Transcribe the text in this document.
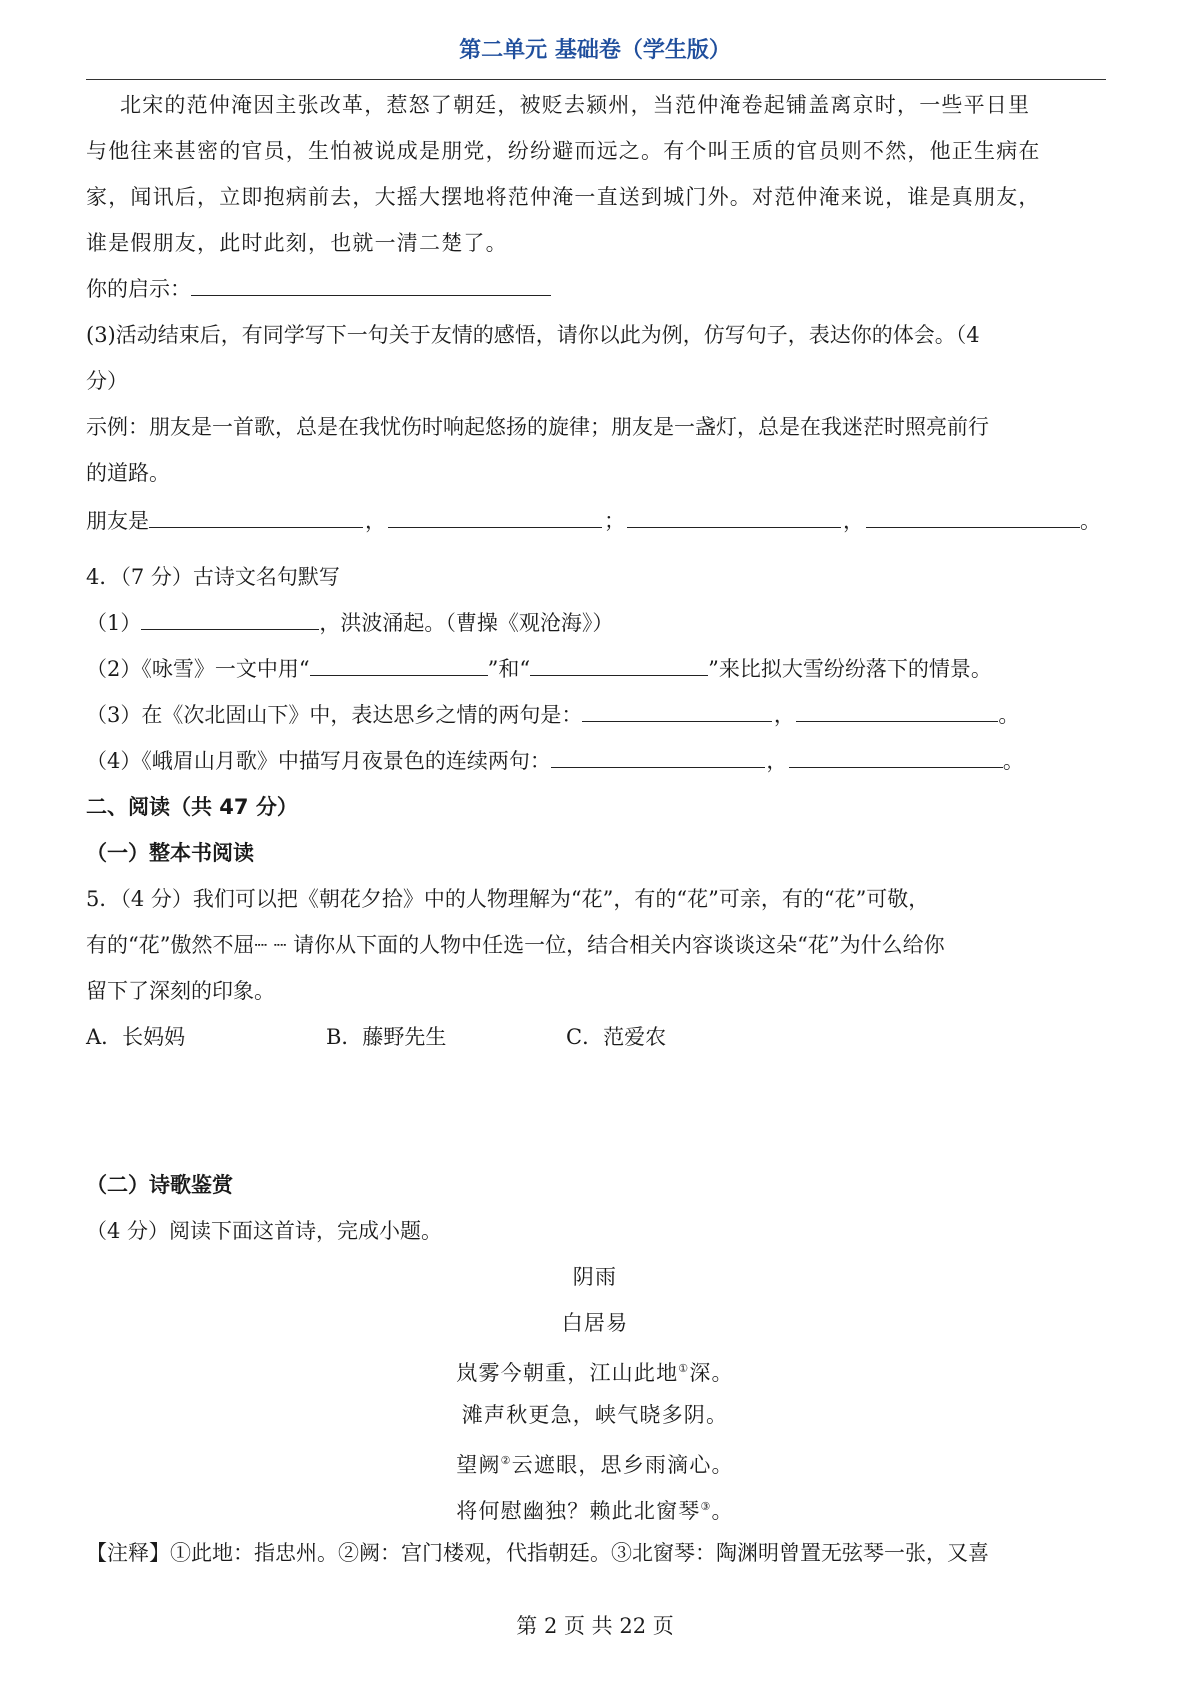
第二单元 基础卷（学生版）
北宋的范仲淹因主张改革，惹怒了朝廷，被贬去颍州，当范仲淹卷起铺盖离京时，一些平日里
与他往来甚密的官员，生怕被说成是朋党，纷纷避而远之。有个叫王质的官员则不然，他正生病在
家，闻讯后，立即抱病前去，大摇大摆地将范仲淹一直送到城门外。对范仲淹来说，谁是真朋友，
谁是假朋友，此时此刻，也就一清二楚了。
你的启示：
(3)活动结束后，有同学写下一句关于友情的感悟，请你以此为例，仿写句子，表达你的体会。（4
分）
示例：朋友是一首歌，总是在我忧伤时响起悠扬的旋律；朋友是一盏灯，总是在我迷茫时照亮前行
的道路。
朋友是	，	；	，	。
4．（7 分）古诗文名句默写
（1）	，洪波涌起。（曹操《观沧海》）
（2）《咏雪》一文中用“	”和“	”来比拟大雪纷纷落下的情景。
（3）在《次北固山下》中，表达思乡之情的两句是：	，	。
（4）《峨眉山月歌》中描写月夜景色的连续两句：	，	。
二、阅读（共 47 分）
（一）整本书阅读
5．（4 分）我们可以把《朝花夕拾》中的人物理解为“花”，有的“花”可亲，有的“花”可敬，
有的“花”傲然不屈┈ ┈ 请你从下面的人物中任选一位，结合相关内容谈谈这朵“花”为什么给你
留下了深刻的印象。
A．长妈妈	B．藤野先生	C．范爱农
（二）诗歌鉴赏
（4 分）阅读下面这首诗，完成小题。
阴雨
白居易
岚雾今朝重，江山此地①深。
滩声秋更急，峡气晓多阴。
望阙②云遮眼，思乡雨滴心。
将何慰幽独？赖此北窗琴③。
【注释】①此地：指忠州。②阙：宫门楼观，代指朝廷。③北窗琴：陶渊明曾置无弦琴一张，又喜
第 2 页 共 22 页
